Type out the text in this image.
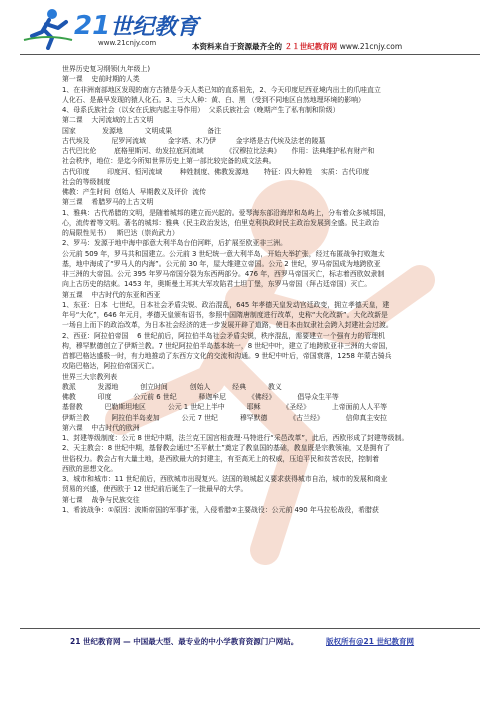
21世纪教育
www.21cnjy.com	本资料来自于资源最齐全的 ２１世纪教育网 www.21cnjy.com
世界历史复习纲领(九年级上)
第一课    史前时期的人类
1、在非洲南部地区发现的南方古猿是今天人类已知的直系祖先，2、今天印度尼西亚境内出土的爪哇直立
人化石、是最早发现的猿人化石。3、三大人种：黄、白、黑 （受到不同地区自然地理环境的影响）
4、母系氏族社会（以女在氏族内起主导作用）  父系氏族社会（晚期产生了私有制和阶级）
第二课    大河流域的上古文明
国家            发源地          文明成果                备注
古代埃及          尼罗河流域          金字塔、木乃伊         金字塔是古代埃及法老的陵墓
古代巴比伦        底格里斯河、幼发拉底河流域          《汉穆拉比法典》     作用：法典维护私有财产和
社会秩序，地位：是迄今所知世界历史上第一部比较完备的成文法典。
古代印度        印度河、恒河流域        种姓制度、佛教发源地       特征：四大种姓    实质：古代印度
社会的等级制度
佛教：产生时间  创始人  早期教义及评价  流传
第三课    希腊罗马的上古文明
1、雅典：古代希腊的文明，是随着城邦的建立而兴起的。爱琴海东部沿海岸和岛屿上，分布着众多城邦国，
心，流传着等文明。著名的城邦：雅典（民主政治发达，伯里克利执政时民主政治发展到全盛。民主政治
的局限性见书）   斯巴达（崇尚武力）
2、罗马：发源于地中海中部意大利半岛台伯河畔，后扩展至欧亚非三洲。
公元前 509 年，罗马共和国建立。公元前 3 世纪统一意大利半岛，开始大举扩张，经过布匿战争打败迦太
基，地中海成了“罗马人的内海”。公元前 30 年，屋大维建立帝国。公元 2 世纪，罗马帝国成为地跨欧亚
非三洲的大帝国。公元 395 年罗马帝国分裂为东西两部分。476 年，西罗马帝国灭亡，标志着西欧奴隶制
向上古历史的结束。1453 年，奥斯曼土耳其大军攻陷君士坦丁堡，东罗马帝国（拜占廷帝国）灭亡。
第五课    中古时代的东亚和西亚
1、东亚：日本  七世纪，日本社会矛盾尖锐、政治混乱，645 年孝德天皇发动宫廷政变，拥立孝德天皇，建
年号“大化”，646 年元月，孝德天皇颁布诏书，参照中国隋唐制度进行改革，史称“大化改新”。大化改新是
一场自上而下的政治改革，为日本社会经济的进一步发展开辟了道路，使日本由奴隶社会跨入封建社会过渡。
2、西亚：阿拉伯帝国    6 世纪前后，阿拉伯半岛社会矛盾尖锐，秩序混乱，需要建立一个强有力的管理机
构，穆罕默德创立了伊斯兰教。7 世纪阿拉伯半岛基本统一，8 世纪中叶，建立了地跨欧亚非三洲的大帝国，
首都巴格达盛极一时，有力地推动了东西方文化的交流和沟通。9 世纪中叶后，帝国衰落，1258 年蒙古骑兵
攻陷巴格达，阿拉伯帝国灭亡。
世界三大宗教列表
教派          发源地          创立时间          创始人          经典          教义
佛教          印度          公元前 6 世纪          释迦牟尼          《佛经》          倡导众生平等
基督教          巴勒斯坦地区          公元 1 世纪上半中          耶稣          《圣经》          上帝面前人人平等
伊斯兰教          阿拉伯半岛麦加          公元 7 世纪          穆罕默德          《古兰经》          信仰真主安拉
第六课    中古时代的欧洲
1、封建等级制度：公元 8 世纪中期，法兰克王国宫相查理·马特进行“采邑改革”，此后，西欧形成了封建等级制。
2、天主教会：8 世纪中期，基督教会通过“丕平献土”奠定了教皇国的基础，教皇既是宗教领袖，又是拥有了
世俗权力。教会占有大量土地，是西欧最大的封建主，有至高无上的权威，压迫平民和贫苦农民，控制着
西欧的思想文化。
3、城市和城市：11 世纪前后，西欧城市出现复兴。法国的琅城起义要求获得城市自治，城市的发展和商业
贸易的兴盛，使西欧于 12 世纪前后诞生了一批最早的大学。
第七课    战争与民族交往
1、希波战争：①原因：波斯帝国的军事扩张，入侵希腊②主要战役：公元前 490 年马拉松战役，希腊获
21 世纪教育网 — 中国最大型、最专业的中小学教育资源门户网站。	版权所有@21 世纪教育网
